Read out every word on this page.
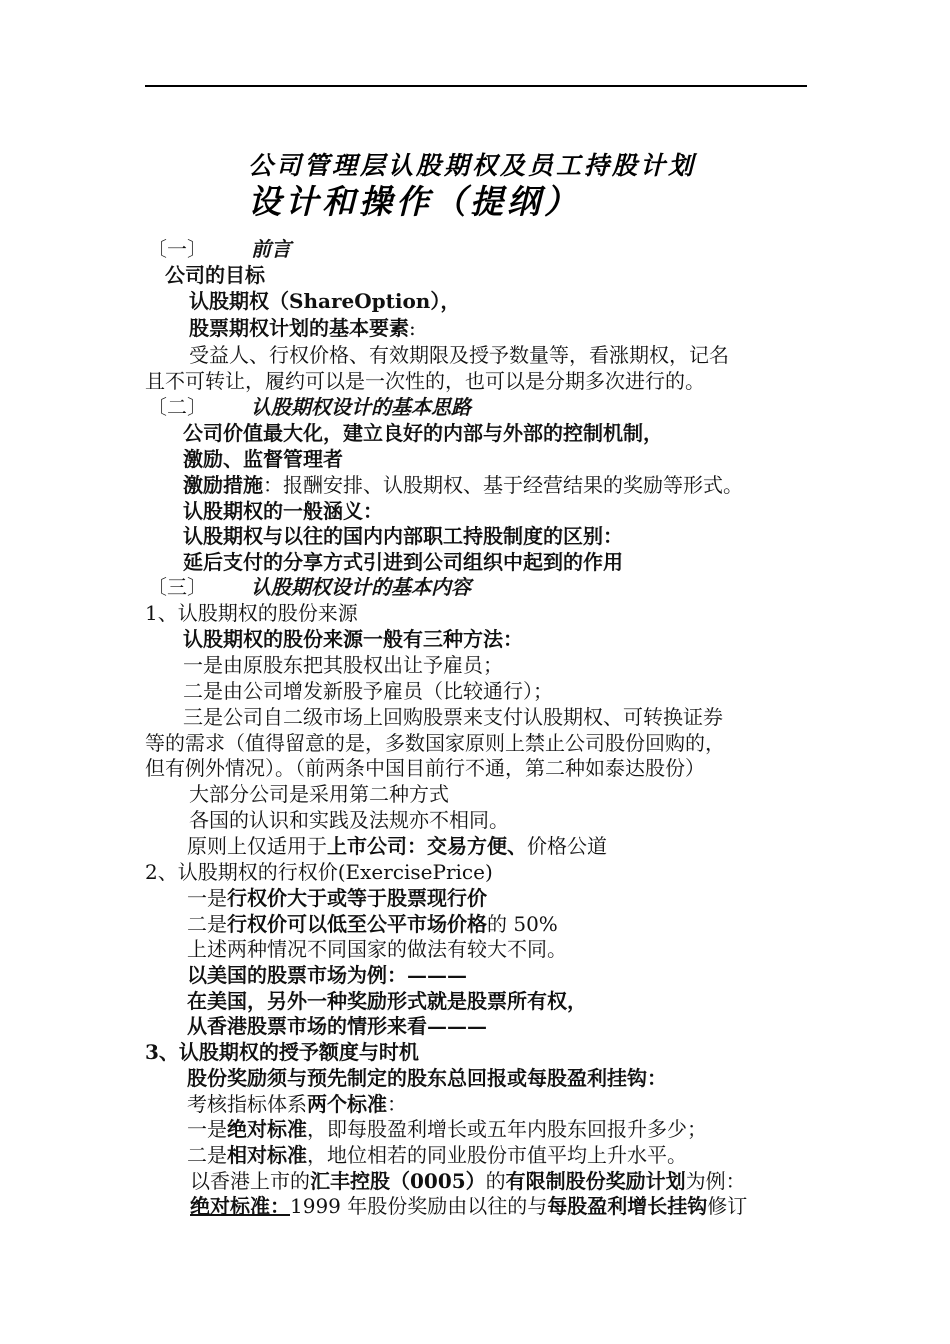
公司管理层认股期权及员工持股计划
设计和操作（提纲）
〔一〕 前言
公司的目标
认股期权（ShareOption），
股票期权计划的基本要素:
受益人、行权价格、有效期限及授予数量等，看涨期权，记名
且不可转让，履约可以是一次性的，也可以是分期多次进行的。
〔二〕 认股期权设计的基本思路
公司价值最大化，建立良好的内部与外部的控制机制，
激励、监督管理者
激励措施：报酬安排、认股期权、基于经营结果的奖励等形式。
认股期权的一般涵义：
认股期权与以往的国内内部职工持股制度的区别：
延后支付的分享方式引进到公司组织中起到的作用
〔三〕 认股期权设计的基本内容
1、认股期权的股份来源
认股期权的股份来源一般有三种方法：
一是由原股东把其股权出让予雇员；
二是由公司增发新股予雇员（比较通行）；
三是公司自二级市场上回购股票来支付认股期权、可转换证券
等的需求（值得留意的是，多数国家原则上禁止公司股份回购的，
但有例外情况）。（前两条中国目前行不通，第二种如泰达股份）
大部分公司是采用第二种方式
各国的认识和实践及法规亦不相同。
原则上仅适用于上市公司：交易方便、价格公道
2、认股期权的行权价(ExercisePrice)
一是行权价大于或等于股票现行价
二是行权价可以低至公平市场价格的 50%
上述两种情况不同国家的做法有较大不同。
以美国的股票市场为例：———
在美国，另外一种奖励形式就是股票所有权，
从香港股票市场的情形来看———
3、认股期权的授予额度与时机
股份奖励须与预先制定的股东总回报或每股盈利挂钩：
考核指标体系两个标准：
一是绝对标准，即每股盈利增长或五年内股东回报升多少；
二是相对标准，地位相若的同业股份市值平均上升水平。
以香港上市的汇丰控股（0005）的有限制股份奖励计划为例：
绝对标准：1999 年股份奖励由以往的与每股盈利增长挂钩修订
